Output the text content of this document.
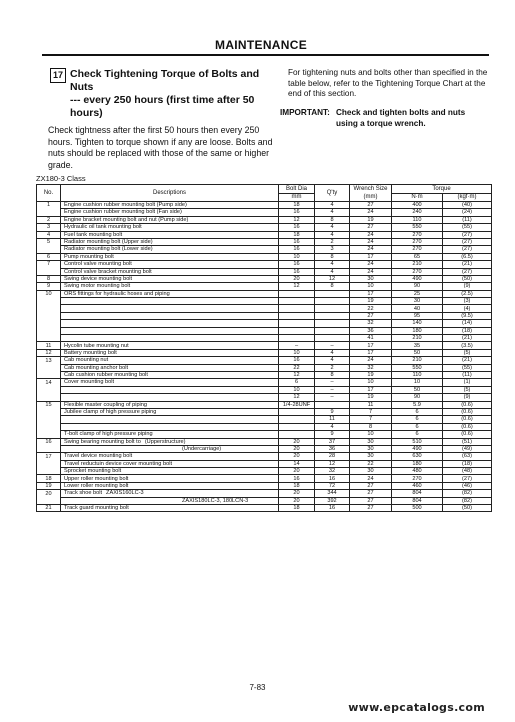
MAINTENANCE
17 Check Tightening Torque of Bolts and Nuts
--- every 250 hours (first time after 50 hours)
Check tightness after the first 50 hours then every 250 hours. Tighten to torque shown if any are loose. Bolts and nuts should be replaced with those of the same or higher grade.
For tightening nuts and bolts other than specified in the table below, refer to the Tightening Torque Chart at the end of this section.
IMPORTANT: Check and tighten bolts and nuts using a torque wrench.
ZX180-3 Class
No.	Descriptions	Bolt Dia	Q'ty	Wrench Size (mm)	Torque	
		mm			N·m	(kgf·m)
1	Engine cushion rubber mounting bolt (Pump side)	18	4	27	400	(40)
	Engine cushion rubber mounting bolt (Fan side)	16	4	24	240	(24)
2	Engine bracket mounting bolt and nut (Pump side)	12	8	19	110	(11)
3	Hydraulic oil tank mounting bolt	16	4	27	550	(55)
4	Fuel tank mounting bolt	18	4	24	270	(27)
5	Radiator mounting bolt (Upper side)	16	2	24	270	(27)
	Radiator mounting bolt (Lower side)	16	3	24	270	(27)
6	Pump mounting bolt	10	8	17	65	(6.5)
7	Control valve mounting bolt	16	4	24	210	(21)
	Control valve bracket mounting bolt	16	4	24	270	(27)
8	Swing device mounting bolt	20	12	30	490	(50)
9	Swing motor mounting bolt	12	8	10	90	(9)
10	ORS fittings for hydraulic hoses and piping			17	25	(2.5)
				19	30	(3)
				22	40	(4)
				27	95	(9.5)
				32	140	(14)
				36	180	(18)
				41	210	(21)
11	Hycolin tube mounting nut	–	–	17	35	(3.5)
12	Battery mounting bolt	10	4	17	50	(5)
13	Cab mounting nut	16	4	24	210	(21)
	Cab mounting anchor bolt	22	2	32	550	(55)
	Cab cushion rubber mounting bolt	12	8	19	110	(11)
14	Cover mounting bolt	6	–	10	10	(1)
		10	–	17	50	(5)
		12	–	19	90	(9)
15	Flexible master coupling of piping	1/4-28UNF		11	5.9	(0.6)
	Jubilee clamp of high pressure piping		9	7	6	(0.6)
			11	7	6	(0.6)
			4	8	6	(0.6)
	T-bolt clamp of high pressure piping		9	10	6	(0.6)
16	Swing bearing mounting bolt to (Upperstructure)	20	37	30	510	(51)
	(Undercarriage)	20	36	30	490	(49)
17	Travel device mounting bolt	20	28	30	630	(63)
	Travel reductuin device cover mounting bolt	14	12	22	180	(18)
	Sprocket mounting bolt	20	32	30	480	(48)
18	Upper roller mounting bolt	16	16	24	270	(27)
19	Lower roller mounting bolt	18	72	27	460	(46)
20	Track shoe bolt ZAXIS160LC-3	20	344	27	804	(82)
	ZAXIS180LC-3, 180LCN-3	20	392	27	804	(82)
21	Track guard mounting bolt	18	16	27	500	(50)
7-83
www.epcatalogs.com
